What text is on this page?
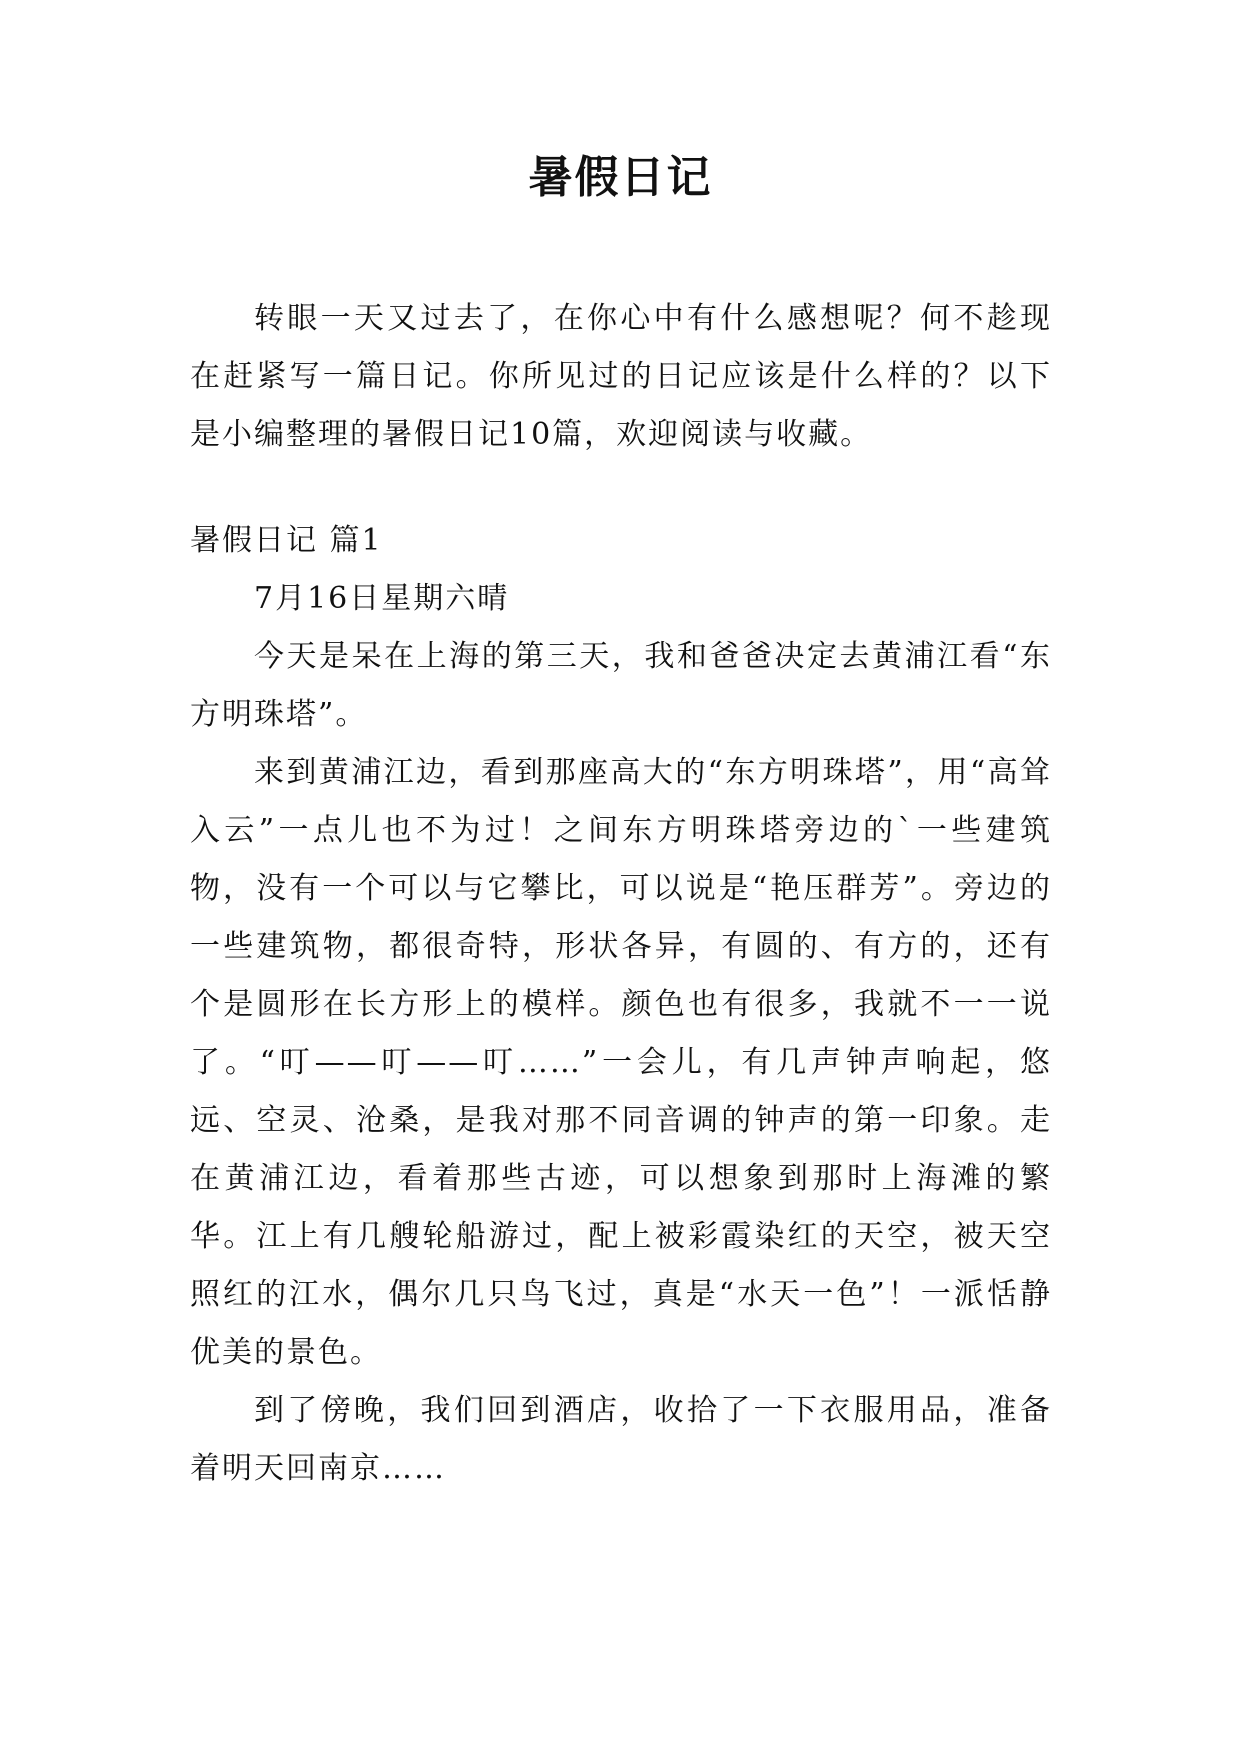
暑假日记

转眼一天又过去了，在你心中有什么感想呢？何不趁现在赶紧写一篇日记。你所见过的日记应该是什么样的？以下是小编整理的暑假日记10篇，欢迎阅读与收藏。

暑假日记 篇1

7月16日星期六晴

今天是呆在上海的第三天，我和爸爸决定去黄浦江看“东方明珠塔”。

来到黄浦江边，看到那座高大的“东方明珠塔”，用“高耸入云”一点儿也不为过！之间东方明珠塔旁边的`一些建筑物，没有一个可以与它攀比，可以说是“艳压群芳”。旁边的一些建筑物，都很奇特，形状各异，有圆的、有方的，还有个是圆形在长方形上的模样。颜色也有很多，我就不一一说了。“叮——叮——叮……”一会儿，有几声钟声响起，悠远、空灵、沧桑，是我对那不同音调的钟声的第一印象。走在黄浦江边，看着那些古迹，可以想象到那时上海滩的繁华。江上有几艘轮船游过，配上被彩霞染红的天空，被天空照红的江水，偶尔几只鸟飞过，真是“水天一色”！一派恬静优美的景色。

到了傍晚，我们回到酒店，收拾了一下衣服用品，准备着明天回南京……
